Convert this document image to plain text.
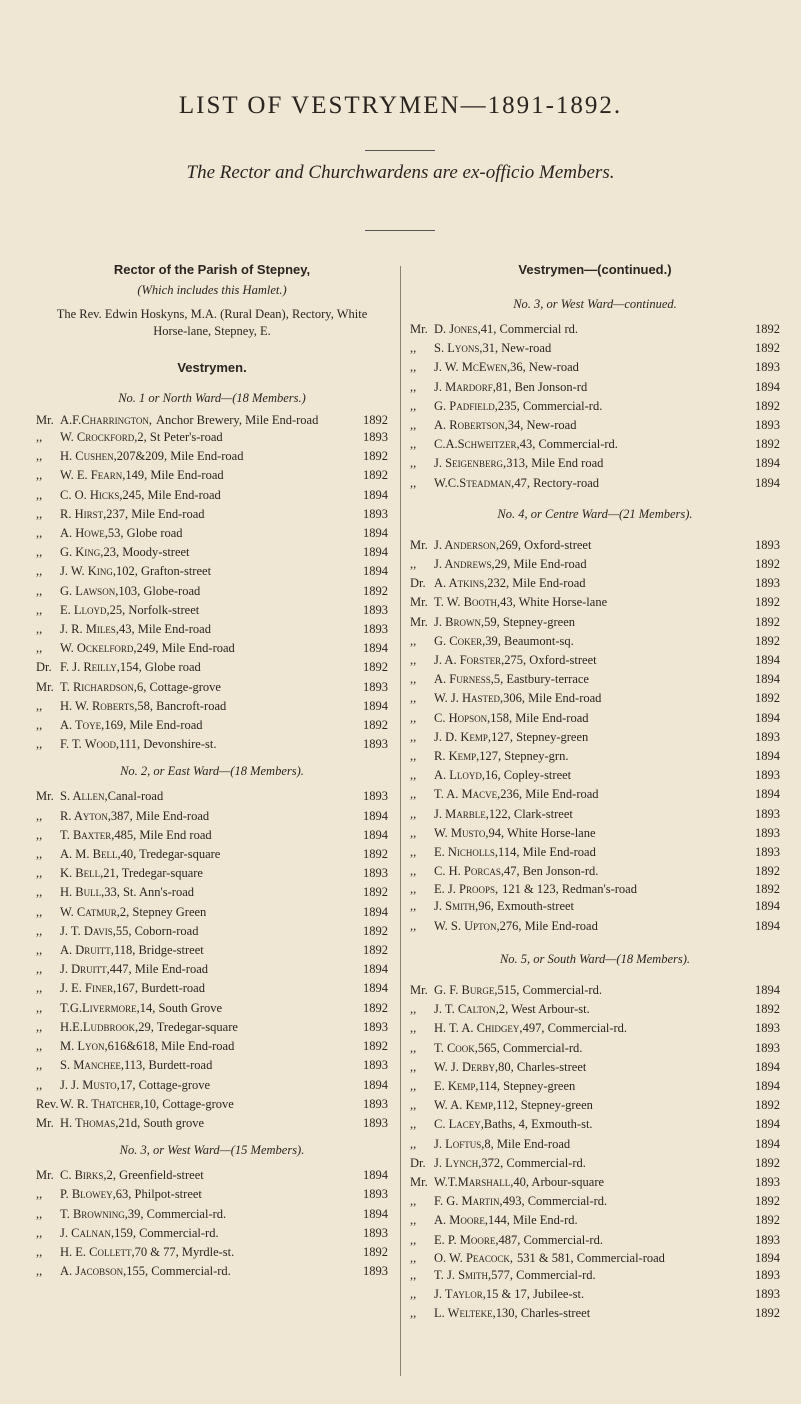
LIST OF VESTRYMEN—1891-1892.
The Rector and Churchwardens are ex-officio Members.
Rector of the Parish of Stepney,
(Which includes this Hamlet.)
The Rev. Edwin Hoskyns, M.A. (Rural Dean), Rectory, White Horse-lane, Stepney, E.
Vestrymen.
No. 1 or North Ward—(18 Members.)
Mr. A.F.Charrington, Anchor Brewery, Mile End-road	1892
,,	W. Crockford, 2, St Peter's-road	1893
,,	H. Cushen, 207&209, Mile End-road	1892
,,	W. E. Fearn, 149, Mile End-road	1892
,,	C. O. Hicks, 245, Mile End-road	1894
,,	R. Hirst, 237, Mile End-road	1893
,,	A. Howe, 53, Globe road	1894
,,	G. King, 23, Moody-street	1894
,,	J. W. King, 102, Grafton-street	1894
,,	G. Lawson, 103, Globe-road	1892
,,	E. Lloyd, 25, Norfolk-street	1893
,,	J. R. Miles, 43, Mile End-road	1893
,,	W. Ockelford, 249, Mile End-road	1894
Dr. F. J. Reilly, 154, Globe road	1892
Mr. T. Richardson, 6, Cottage-grove	1893
,,	H. W. Roberts, 58, Bancroft-road	1894
,,	A. Toye, 169, Mile End-road	1892
,,	F. T. Wood, 111, Devonshire-st.	1893
No. 2, or East Ward—(18 Members).
Mr. S. Allen, Canal-road	1893
,,	R. Ayton, 387, Mile End-road	1894
,,	T. Baxter, 485, Mile End road	1894
,,	A. M. Bell, 40, Tredegar-square	1892
,,	K. Bell, 21, Tredegar-square	1893
,,	H. Bull, 33, St. Ann's-road	1892
,,	W. Catmur, 2, Stepney Green	1894
,,	J. T. Davis, 55, Coborn-road	1892
,,	A. Druitt, 118, Bridge-street	1892
,,	J. Druitt, 447, Mile End-road	1894
,,	J. E. Finer, 167, Burdett-road	1894
,,	T.G.Livermore, 14, South Grove	1892
,,	H.E.Ludbrook, 29, Tredegar-square	1893
,,	M. Lyon, 616&618, Mile End-road	1892
,,	S. Manchee, 113, Burdett-road	1893
,,	J. J. Musto, 17, Cottage-grove	1894
Rev. W. R. Thatcher, 10, Cottage-grove	1893
Mr. H. Thomas, 21d, South grove	1893
No. 3, or West Ward—(15 Members).
Mr. C. Birks, 2, Greenfield-street	1894
,,	P. Blowey, 63, Philpot-street	1893
,,	T. Browning, 39, Commercial-rd.	1894
,,	J. Calnan, 159, Commercial-rd.	1893
,,	H. E. Collett, 70 & 77, Myrdle-st.	1892
,,	A. Jacobson, 155, Commercial-rd.	1893
Vestrymen—(continued.)
No. 3, or West Ward—continued.
Mr. D. Jones, 41, Commercial rd.	1892
,,	S. Lyons, 31, New-road	1892
,,	J. W. McEwen, 36, New-road	1893
,,	J. Mardorf, 81, Ben Jonson-rd	1894
,,	G. Padfield, 235, Commercial-rd.	1892
,,	A. Robertson, 34, New-road	1893
,,	C.A.Schweitzer, 43, Commercial-rd.	1892
,,	J. Seigenberg, 313, Mile End road	1894
,,	W.C.Steadman, 47, Rectory-road	1894
No. 4, or Centre Ward—(21 Members).
Mr. J. Anderson, 269, Oxford-street	1893
,,	J. Andrews, 29, Mile End-road	1892
Dr. A. Atkins, 232, Mile End-road	1893
Mr. T. W. Booth, 43, White Horse-lane	1892
Mr. J. Brown, 59, Stepney-green	1892
,,	G. Coker, 39, Beaumont-sq.	1892
,,	J. A. Forster, 275, Oxford-street	1894
,,	A. Furness, 5, Eastbury-terrace	1894
,,	W. J. Hasted, 306, Mile End-road	1892
,,	C. Hopson, 158, Mile End-road	1894
,,	J. D. Kemp, 127, Stepney-green	1893
,,	R. Kemp, 127, Stepney-grn.	1894
,,	A. Lloyd, 16, Copley-street	1893
,,	T. A. Macve, 236, Mile End-road	1894
,,	J. Marble, 122, Clark-street	1893
,,	W. Musto, 94, White Horse-lane	1893
,,	E. Nicholls, 114, Mile End-road	1893
,,	C. H. Porcas, 47, Ben Jonson-rd.	1892
,,	E. J. Proops, 121 & 123, Redman's-road	1892
,,	J. Smith, 96, Exmouth-street	1894
,,	W. S. Upton, 276, Mile End-road	1894
No. 5, or South Ward—(18 Members).
Mr. G. F. Burge, 515, Commercial-rd.	1894
,,	J. T. Calton, 2, West Arbour-st.	1892
,,	H. T. A. Chidgey, 497, Commercial-rd.	1893
,,	T. Cook, 565, Commercial-rd.	1893
,,	W. J. Derby, 80, Charles-street	1894
,,	E. Kemp, 114, Stepney-green	1894
,,	W. A. Kemp, 112, Stepney-green	1892
,,	C. Lacey, Baths, 4, Exmouth-st.	1894
,,	J. Loftus, 8, Mile End-road	1894
Dr. J. Lynch, 372, Commercial-rd.	1892
Mr. W.T.Marshall, 40, Arbour-square	1893
,,	F. G. Martin, 493, Commercial-rd.	1892
,,	A. Moore, 144, Mile End-rd.	1892
,,	E. P. Moore, 487, Commercial-rd.	1893
,,	O. W. Peacock, 531 & 581, Commercial-road	1894
,,	T. J. Smith, 577, Commercial-rd.	1893
,,	J. Taylor, 15 & 17, Jubilee-st.	1893
,,	L. Welteke, 130, Charles-street	1892
